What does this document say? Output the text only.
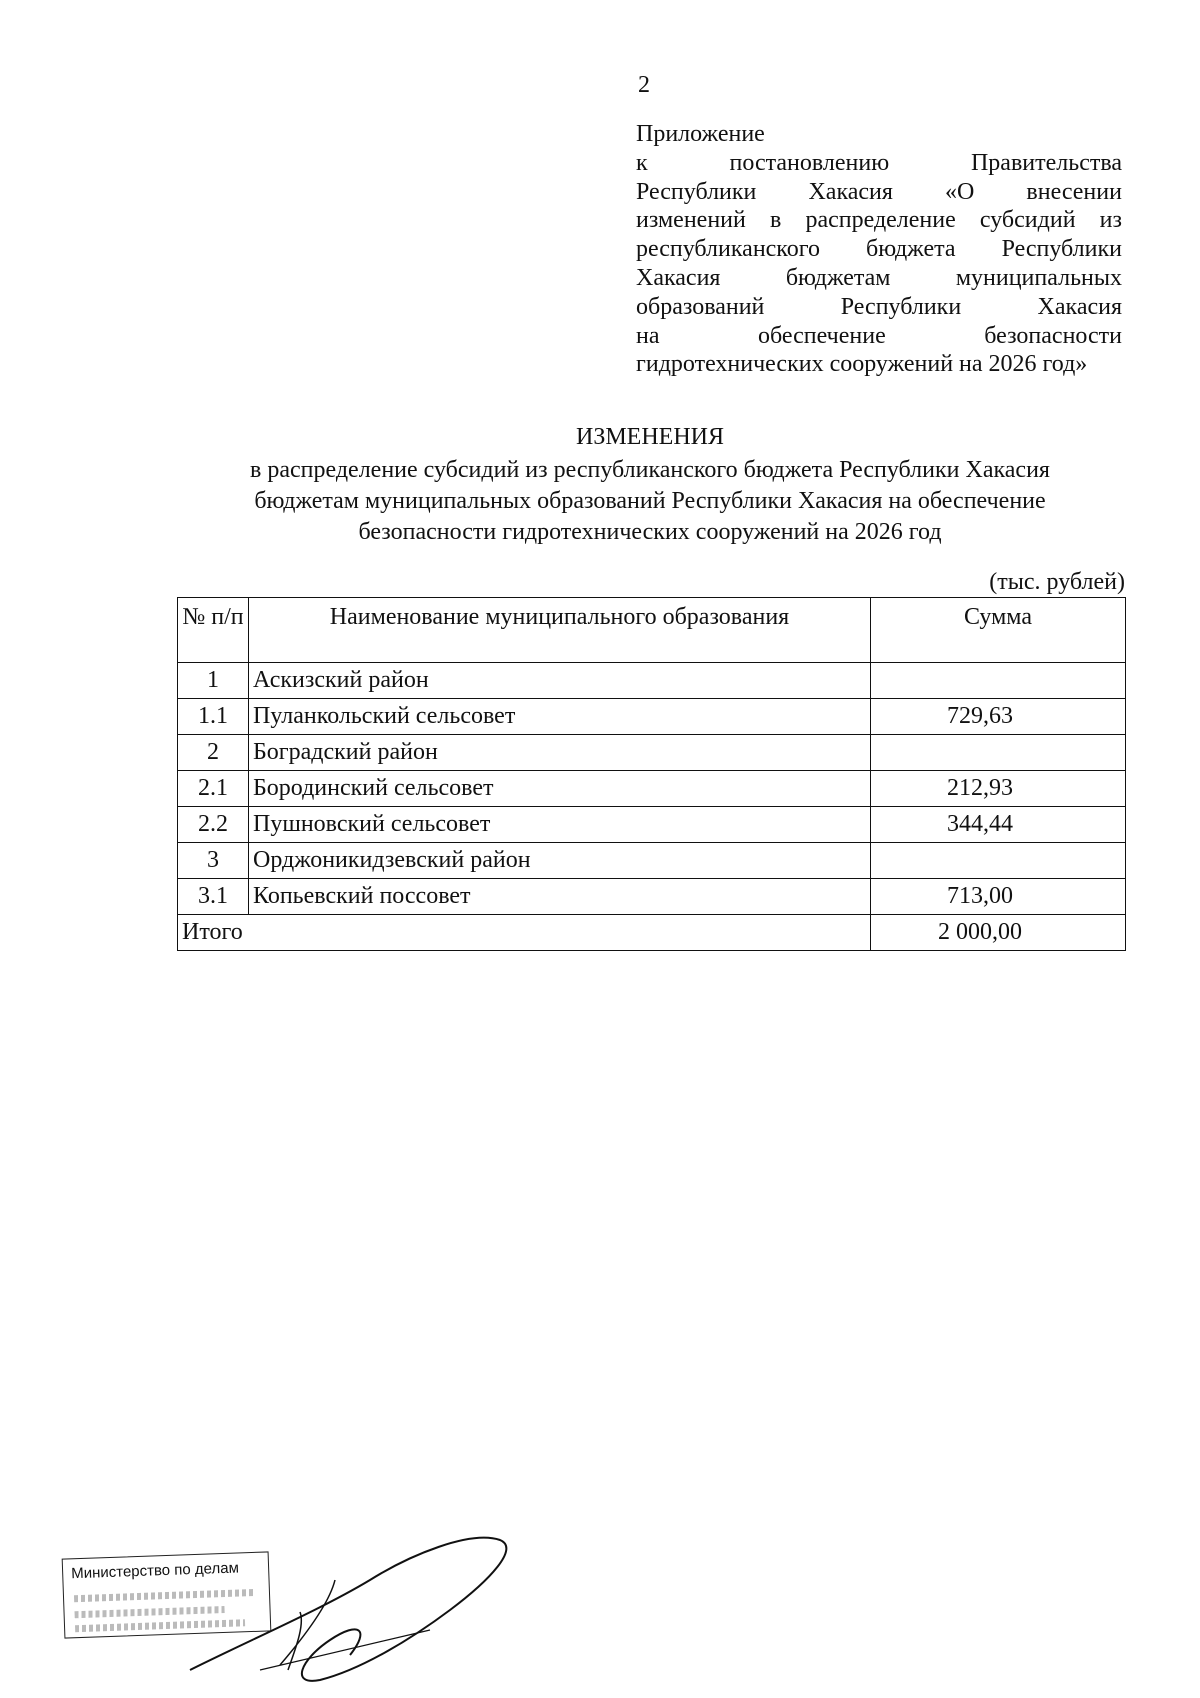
2
Приложение
к	постановлению	Правительства
Республики Хакасия «О внесении
изменений в распределение субсидий из
республиканского бюджета Республики
Хакасия	бюджетам	муниципальных
образований	Республики	Хакасия
на	обеспечение	безопасности
гидротехнических сооружений на 2026 год»
ИЗМЕНЕНИЯ
в распределение субсидий из республиканского бюджета Республики Хакасия
бюджетам муниципальных образований Республики Хакасия на обеспечение
безопасности гидротехнических сооружений на 2026 год
(тыс. рублей)
№ п/п	Наименование муниципального образования	Сумма
1	Аскизский район	
1.1	Пуланкольский сельсовет	729,63
2	Боградский район	
2.1	Бородинский сельсовет	212,93
2.2	Пушновский сельсовет	344,44
3	Орджоникидзевский район	
3.1	Копьевский поссовет	713,00
Итого		2 000,00
Министерство по делам
